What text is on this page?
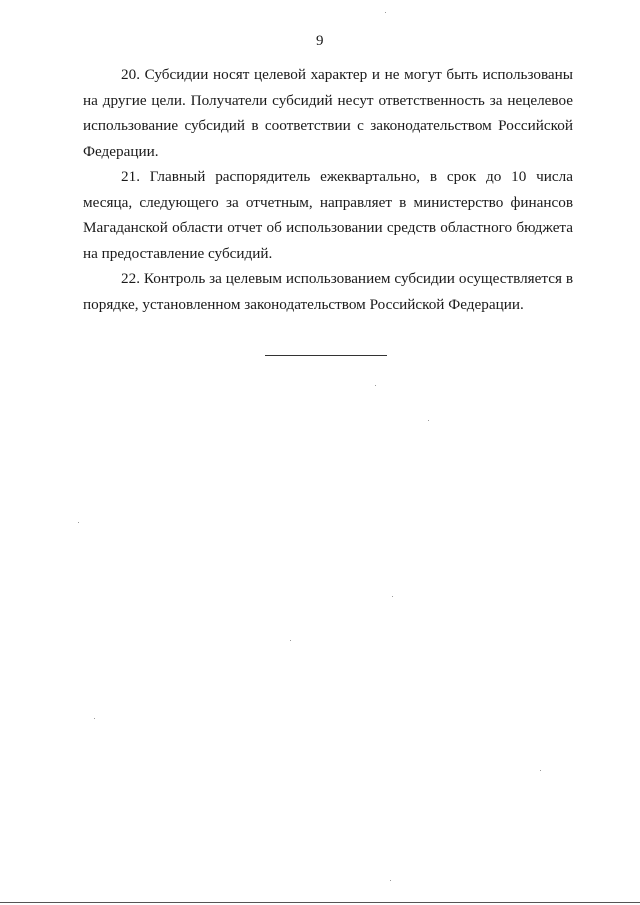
9

20. Субсидии носят целевой характер и не могут быть использованы
на другие цели. Получатели субсидий несут ответственность за нецелевое
использование субсидий в соответствии с законодательством Российской
Федерации.

21. Главный распорядитель ежеквартально, в срок до 10 числа
месяца, следующего за отчетным, направляет в министерство финансов
Магаданской области отчет об использовании средств областного бюджета
на предоставление субсидий.

22. Контроль за целевым использованием субсидии осуществляется в
порядке, установленном законодательством Российской Федерации.
